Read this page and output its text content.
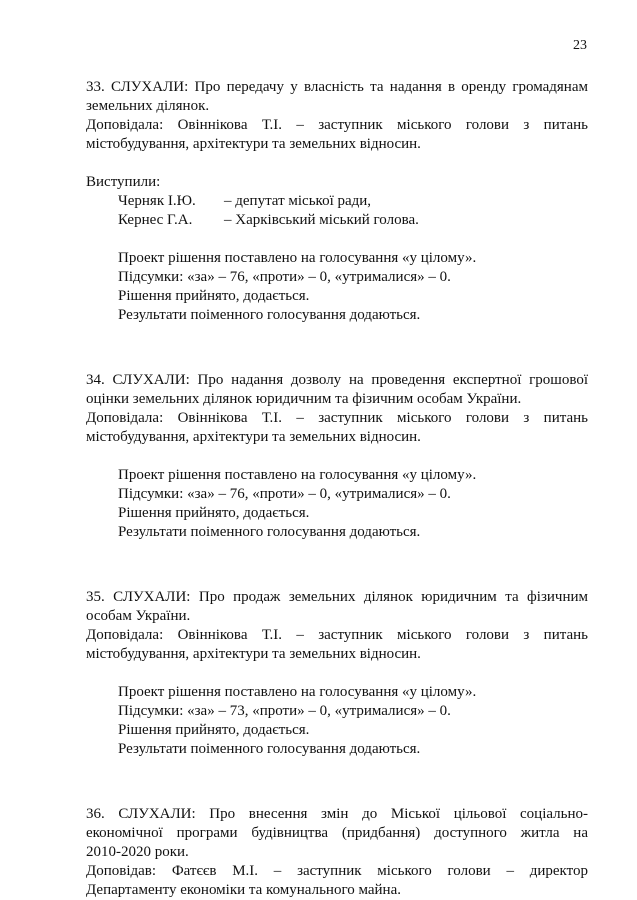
23
33. СЛУХАЛИ: Про передачу у власність та надання в оренду громадянам
земельних ділянок.
Доповідала: Овіннікова Т.І. – заступник міського голови з питань
містобудування, архітектури та земельних відносин.
Виступили:
Черняк І.Ю.	– депутат міської ради,
Кернес Г.А.	– Харківський міський голова.
Проект рішення поставлено на голосування «у цілому».
Підсумки: «за» – 76, «проти» – 0, «утрималися» – 0.
Рішення прийнято, додається.
Результати поіменного голосування додаються.
34. СЛУХАЛИ: Про надання дозволу на проведення експертної грошової
оцінки земельних ділянок юридичним та фізичним особам України.
Доповідала: Овіннікова Т.І. – заступник міського голови з питань
містобудування, архітектури та земельних відносин.
Проект рішення поставлено на голосування «у цілому».
Підсумки: «за» – 76, «проти» – 0, «утрималися» – 0.
Рішення прийнято, додається.
Результати поіменного голосування додаються.
35. СЛУХАЛИ: Про продаж земельних ділянок юридичним та фізичним
особам України.
Доповідала: Овіннікова Т.І. – заступник міського голови з питань
містобудування, архітектури та земельних відносин.
Проект рішення поставлено на голосування «у цілому».
Підсумки: «за» – 73, «проти» – 0, «утрималися» – 0.
Рішення прийнято, додається.
Результати поіменного голосування додаються.
36. СЛУХАЛИ: Про внесення змін до Міської цільової соціально-
економічної програми будівництва (придбання) доступного житла на
2010-2020 роки.
Доповідав: Фатєєв М.І. – заступник міського голови – директор
Департаменту економіки та комунального майна.
